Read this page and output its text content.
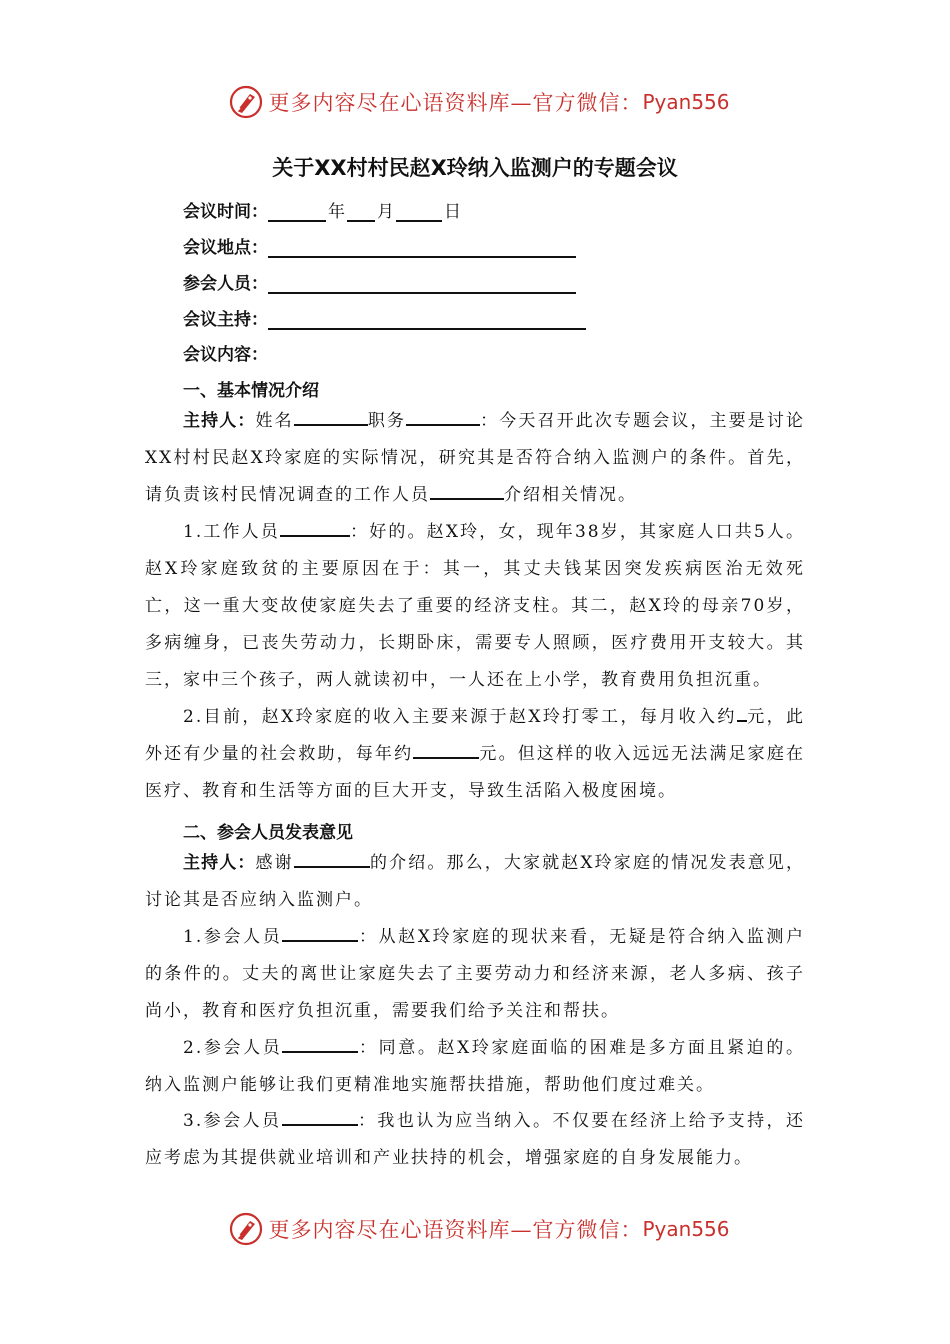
更多内容尽在心语资料库—官方微信： Pyan556
关于XX村村民赵X玲纳入监测户的专题会议
会议时间：	年 月	日
会议地点：
参会人员：
会议主持：
会议内容：
一、基本情况介绍

主持人：姓名	职务	：今天召开此次专题会议，主要是讨论XX村村民赵X玲家庭的实际情况，研究其是否符合纳入监测户的条件。首先，请负责该村民情况调查的工作人员	介绍相关情况。

1.工作人员	：好的。赵X玲，女，现年38岁，其家庭人口共5人。赵X玲家庭致贫的主要原因在于：其一，其丈夫钱某因突发疾病医治无效死亡，这一重大变故使家庭失去了重要的经济支柱。其二，赵X玲的母亲70岁，多病缠身，已丧失劳动力，长期卧床，需要专人照顾，医疗费用开支较大。其三，家中三个孩子，两人就读初中，一人还在上小学，教育费用负担沉重。

2.目前，赵X玲家庭的收入主要来源于赵X玲打零工，每月收入约 元，此外还有少量的社会救助，每年约	元。但这样的收入远远无法满足家庭在医疗、教育和生活等方面的巨大开支，导致生活陷入极度困境。

二、参会人员发表意见

主持人：感谢	的介绍。那么，大家就赵X玲家庭的情况发表意见，讨论其是否应纳入监测户。

1.参会人员	：从赵X玲家庭的现状来看，无疑是符合纳入监测户的条件的。丈夫的离世让家庭失去了主要劳动力和经济来源，老人多病、孩子尚小，教育和医疗负担沉重，需要我们给予关注和帮扶。

2.参会人员	：同意。赵X玲家庭面临的困难是多方面且紧迫的。纳入监测户能够让我们更精准地实施帮扶措施，帮助他们度过难关。

3.参会人员	：我也认为应当纳入。不仅要在经济上给予支持，还应考虑为其提供就业培训和产业扶持的机会，增强家庭的自身发展能力。

更多内容尽在心语资料库—官方微信： Pyan556
